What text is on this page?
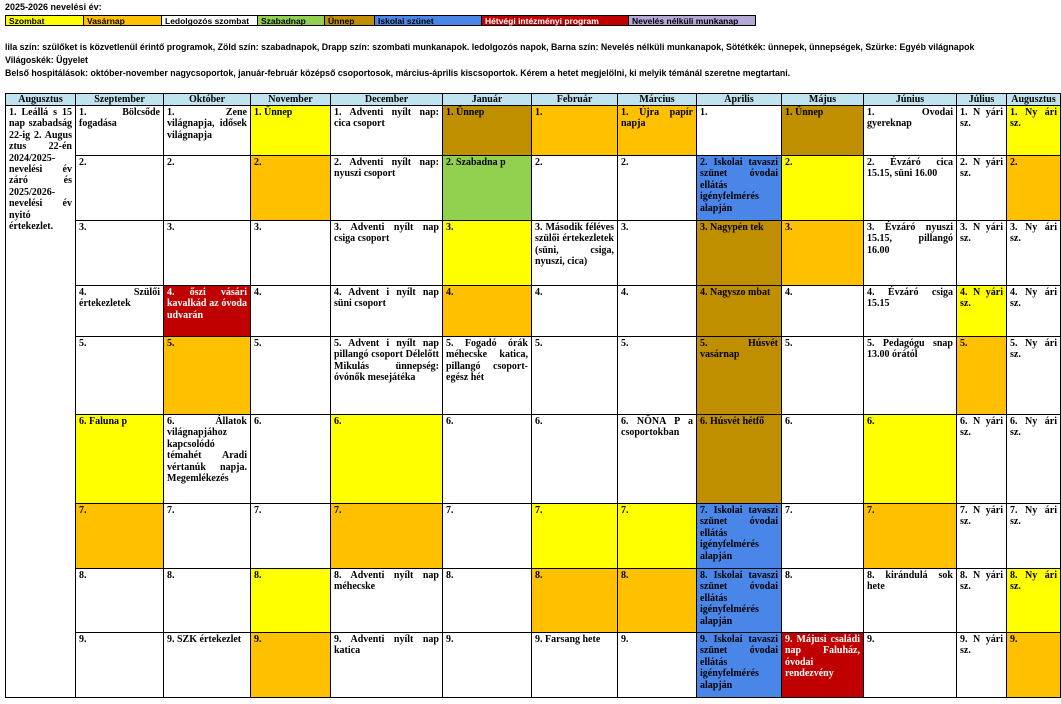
2025-2026 nevelési év:
Szombat	Vasárnap	Ledolgozós szombat	Szabadnap	Ünnep	Iskolai szünet	Hétvégi intézményi program	Nevelés nélküli munkanap
lila szín: szülőket is közvetlenül érintő programok, Zöld szín: szabadnapok, Drapp szín: szombati munkanapok. ledolgozós napok, Barna szín: Nevelés nélküli munkanapok, Sötétkék: ünnepek, ünnepségek, Szürke: Egyéb világnapok
Világoskék: Ügyelet
Belső hospitálások: október-november nagycsoportok, január-február középső csoportosok, március-április kiscsoportok. Kérem a hetet megjelölni, ki melyik témánál szeretne megtartani.
Augusztus	Szeptember	Október	November	December	Január	Február	Március	Április	Május	Június	Július	Augusztus
1. Leállá s 15 nap szabadság 22-ig 2. Augus ztus 22-én 2024/2025-nevelési év záró és 2025/2026-nevelési év nyitó értekezlet.	1. Bölcsőde fogadása	1. Zene világnapja, idősek világnapja	1. Ünnep	1. Adventi nyílt nap: cica csoport	1. Ünnep	1.	1. Újra papír napja	1.	1. Ünnep	1. Ovodai gyereknap	1. N yári sz.	1. Ny ári sz.
	2.	2.	2.	2. Adventi nyílt nap: nyuszi csoport	2. Szabadna p	2.	2.	2. Iskolai tavaszi szünet óvodai ellátás igényfelmérés alapján	2.	2. Évzáró cica 15.15, süni 16.00	2. N yári sz.	2.
	3.	3.	3.	3. Adventi nyílt nap csiga csoport	3.	3. Második féléves szülői értekezletek (süni, csiga, nyuszi, cica)	3.	3. Nagypén tek	3.	3. Évzáró nyuszi 15.15, pillangó 16.00	3. N yári sz.	3. Ny ári sz.
	4. Szülői értekezletek	4. őszi vásári kavalkád az óvoda udvarán	4.	4. Advent i nyílt nap süni csoport	4.	4.	4.	4. Nagyszo mbat	4.	4. Évzáró csiga 15.15	4. N yári sz.	4. Ny ári sz.
	5.	5.	5.	5. Advent i nyílt nap pillangó csoport Délelőtt Mikulás ünnepség: óvónők mesejátéka	5. Fogadó órák méhecske katica, pillangó csoport-egész hét	5.	5.	5. Húsvét vasárnap	5.	5. Pedagógu snap 13.00 órától	5.	5. Ny ári sz.
	6. Faluna p	6. Állatok világnapjához kapcsolódó témahét Aradi vértanúk napja. Megemlékezés	6.	6.	6.	6.	6. NÖNA P a csoportokban	6. Húsvét hétfő	6.	6.	6. N yári sz.	6. Ny ári sz.
	7.	7.	7.	7.	7.	7.	7.	7. Iskolai tavaszi szünet óvodai ellátás igényfelmérés alapján	7.	7.	7. N yári sz.	7. Ny ári sz.
	8.	8.	8.	8. Adventi nyílt nap méhecske	8.	8.	8.	8. Iskolai tavaszi szünet óvodai ellátás igényfelmérés alapján	8.	8. kirándulá sok hete	8. N yári sz.	8. Ny ári sz.
	9.	9. SZK értekezlet	9.	9. Adventi nyílt nap katica	9.	9. Farsang hete	9.	9. Iskolai tavaszi szünet óvodai ellátás igényfelmérés alapján	9. Májusi családi nap Faluház, óvodai rendezvény	9.	9. N yári sz.	9.
